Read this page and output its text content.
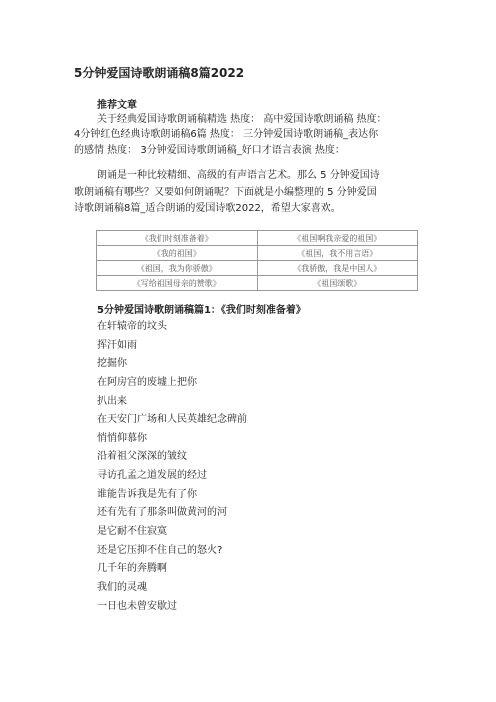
5分钟爱国诗歌朗诵稿8篇2022
推荐文章

关于经典爱国诗歌朗诵稿精选 热度： 高中爱国诗歌朗诵稿 热度：

4分钟红色经典诗歌朗诵稿6篇 热度： 三分钟爱国诗歌朗诵稿_表达你

的感情 热度： 3分钟爱国诗歌朗诵稿_好口才语言表演 热度：

朗诵是一种比较精细、高级的有声语言艺术。那么 5 分钟爱国诗

歌朗诵稿有哪些？又要如何朗诵呢？下面就是小编整理的 5 分钟爱国

诗歌朗诵稿8篇_适合朗诵的爱国诗歌2022，希望大家喜欢。

《我们时刻准备着》	《祖国啊我亲爱的祖国》
《我的祖国》	《祖国，我不用言语》
《祖国，我为你骄傲》	《我骄傲，我是中国人》
《写给祖国母亲的赞歌》	《祖国颂歌》
5分钟爱国诗歌朗诵稿篇1：《我们时刻准备着》

在轩辕帝的坟头

挥汗如雨

挖掘你

在阿房宫的废墟上把你

扒出来

在天安门广场和人民英雄纪念碑前

悄悄仰慕你

沿着祖父深深的皱纹

寻访孔孟之道发展的经过

谁能告诉我是先有了你

还有先有了那条叫做黄河的河

是它耐不住寂寞

还是它压抑不住自己的怒火?

几千年的奔腾啊

我们的灵魂

一日也未曾安歇过
